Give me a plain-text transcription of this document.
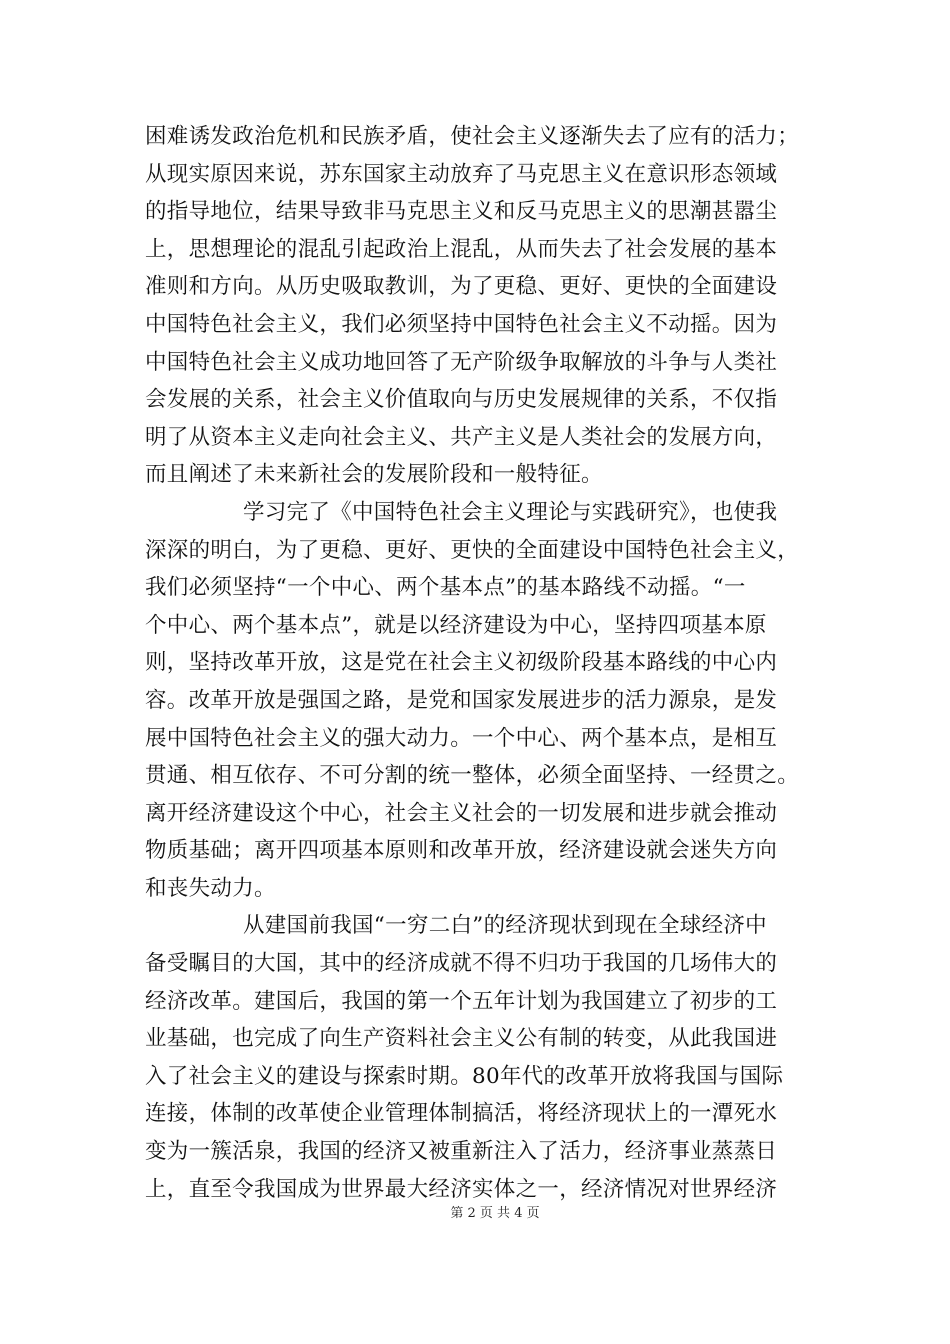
困难诱发政治危机和民族矛盾，使社会主义逐渐失去了应有的活力；
从现实原因来说，苏东国家主动放弃了马克思主义在意识形态领域
的指导地位，结果导致非马克思主义和反马克思主义的思潮甚嚣尘
上，思想理论的混乱引起政治上混乱，从而失去了社会发展的基本
准则和方向。从历史吸取教训，为了更稳、更好、更快的全面建设
中国特色社会主义，我们必须坚持中国特色社会主义不动摇。因为
中国特色社会主义成功地回答了无产阶级争取解放的斗争与人类社
会发展的关系，社会主义价值取向与历史发展规律的关系，不仅指
明了从资本主义走向社会主义、共产主义是人类社会的发展方向，
而且阐述了未来新社会的发展阶段和一般特征。
学习完了《中国特色社会主义理论与实践研究》，也使我
深深的明白，为了更稳、更好、更快的全面建设中国特色社会主义，
我们必须坚持“一个中心、两个基本点”的基本路线不动摇。“一
个中心、两个基本点”，就是以经济建设为中心，坚持四项基本原
则，坚持改革开放，这是党在社会主义初级阶段基本路线的中心内
容。改革开放是强国之路，是党和国家发展进步的活力源泉，是发
展中国特色社会主义的强大动力。一个中心、两个基本点，是相互
贯通、相互依存、不可分割的统一整体，必须全面坚持、一经贯之。
离开经济建设这个中心，社会主义社会的一切发展和进步就会推动
物质基础；离开四项基本原则和改革开放，经济建设就会迷失方向
和丧失动力。
从建国前我国“一穷二白”的经济现状到现在全球经济中
备受瞩目的大国，其中的经济成就不得不归功于我国的几场伟大的
经济改革。建国后，我国的第一个五年计划为我国建立了初步的工
业基础，也完成了向生产资料社会主义公有制的转变，从此我国进
入了社会主义的建设与探索时期。80年代的改革开放将我国与国际
连接，体制的改革使企业管理体制搞活，将经济现状上的一潭死水
变为一簇活泉，我国的经济又被重新注入了活力，经济事业蒸蒸日
上，直至令我国成为世界最大经济实体之一，经济情况对世界经济
第 2 页 共 4 页
